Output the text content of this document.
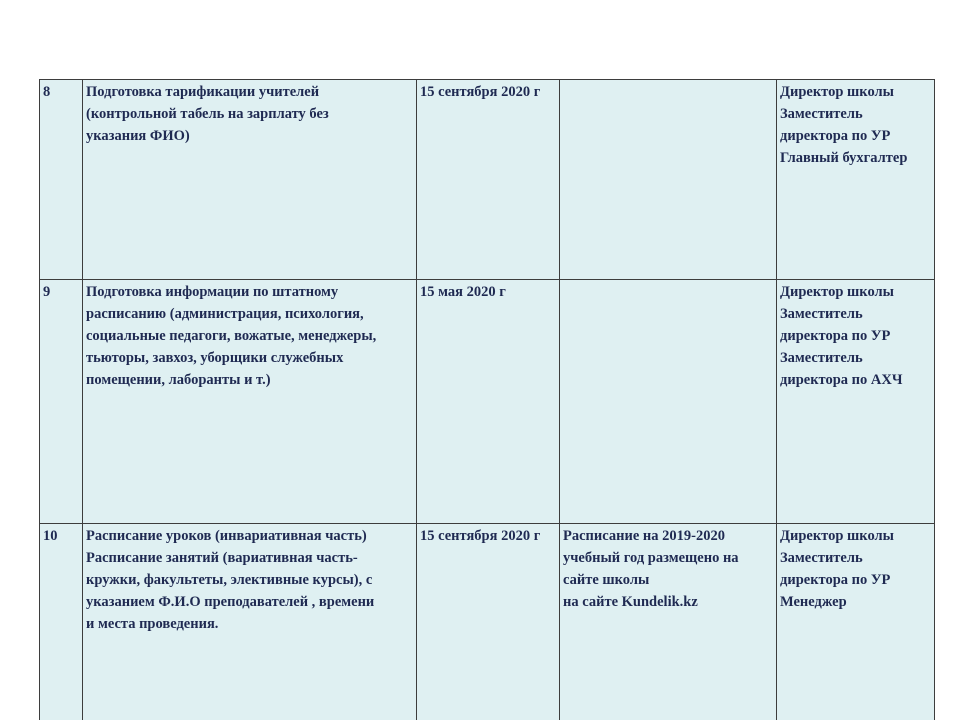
8	Подготовка тарификации учителей
(контрольной табель на зарплату без
указания ФИО)	15 сентября 2020 г		Директор школы
Заместитель
директора по УР
Главный бухгалтер
9	Подготовка информации по штатному
расписанию (администрация, психология,
социальные педагоги, вожатые, менеджеры,
тьюторы, завхоз, уборщики служебных
помещении, лаборанты и т.)	15 мая 2020 г		Директор школы
Заместитель
директора по УР
Заместитель
директора по АХЧ
10	Расписание уроков (инвариативная часть)
Расписание занятий (вариативная часть-
кружки, факультеты, элективные курсы), с
указанием Ф.И.О преподавателей , времени
и места проведения.	15 сентября 2020 г	Расписание на 2019-2020
учебный год размещено на
сайте школы
на сайте Kundelik.kz	Директор школы
Заместитель
директора по УР
Менеджер
